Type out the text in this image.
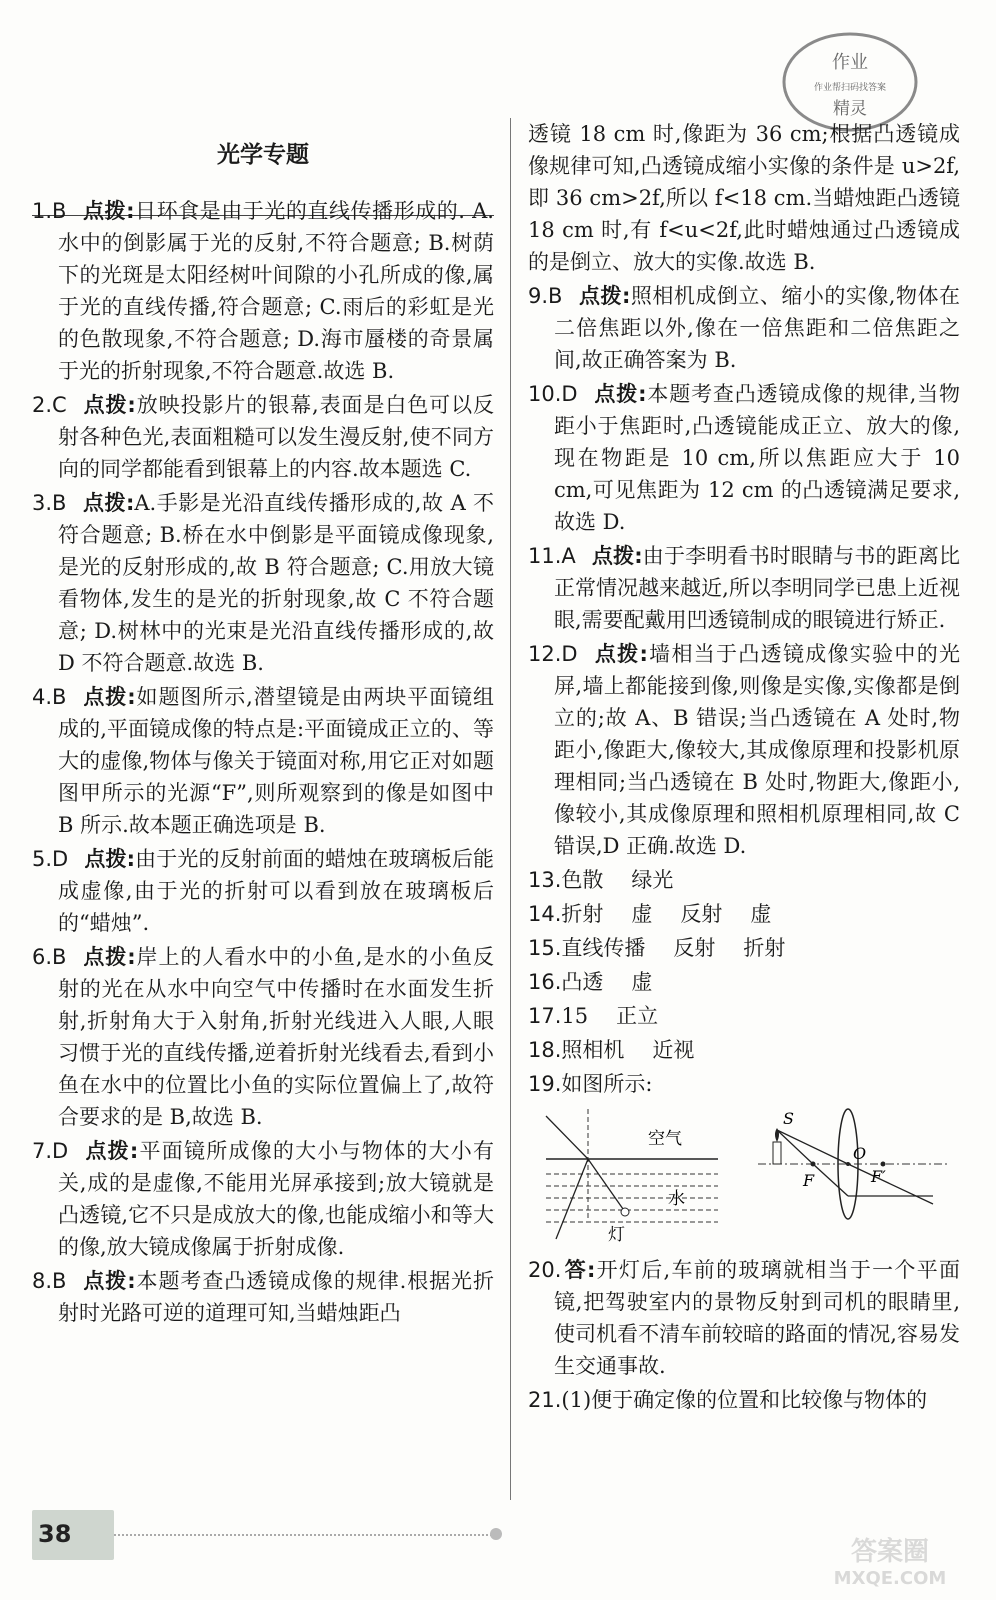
作业
作业帮扫码找答案
精灵
光学专题
1.B 点拨:日环食是由于光的直线传播形成的. A.水中的倒影属于光的反射,不符合题意; B.树荫下的光斑是太阳经树叶间隙的小孔所成的像,属于光的直线传播,符合题意; C.雨后的彩虹是光的色散现象,不符合题意; D.海市蜃楼的奇景属于光的折射现象,不符合题意.故选 B.
2.C 点拨:放映投影片的银幕,表面是白色可以反射各种色光,表面粗糙可以发生漫反射,使不同方向的同学都能看到银幕上的内容.故本题选 C.
3.B 点拨:A.手影是光沿直线传播形成的,故 A 不符合题意; B.桥在水中倒影是平面镜成像现象,是光的反射形成的,故 B 符合题意; C.用放大镜看物体,发生的是光的折射现象,故 C 不符合题意; D.树林中的光束是光沿直线传播形成的,故 D 不符合题意.故选 B.
4.B 点拨:如题图所示,潜望镜是由两块平面镜组成的,平面镜成像的特点是:平面镜成正立的、等大的虚像,物体与像关于镜面对称,用它正对如题图甲所示的光源“F”,则所观察到的像是如图中 B 所示.故本题正确选项是 B.
5.D 点拨:由于光的反射前面的蜡烛在玻璃板后能成虚像,由于光的折射可以看到放在玻璃板后的“蜡烛”.
6.B 点拨:岸上的人看水中的小鱼,是水的小鱼反射的光在从水中向空气中传播时在水面发生折射,折射角大于入射角,折射光线进入人眼,人眼习惯于光的直线传播,逆着折射光线看去,看到小鱼在水中的位置比小鱼的实际位置偏上了,故符合要求的是 B,故选 B.
7.D 点拨:平面镜所成像的大小与物体的大小有关,成的是虚像,不能用光屏承接到;放大镜就是凸透镜,它不只是成放大的像,也能成缩小和等大的像,放大镜成像属于折射成像.
8.B 点拨:本题考查凸透镜成像的规律.根据光折射时光路可逆的道理可知,当蜡烛距凸
透镜 18 cm 时,像距为 36 cm;根据凸透镜成像规律可知,凸透镜成缩小实像的条件是 u>2f,即 36 cm>2f,所以 f<18 cm.当蜡烛距凸透镜 18 cm 时,有 f<u<2f,此时蜡烛通过凸透镜成的是倒立、放大的实像.故选 B.
9.B 点拨:照相机成倒立、缩小的实像,物体在二倍焦距以外,像在一倍焦距和二倍焦距之间,故正确答案为 B.
10.D 点拨:本题考查凸透镜成像的规律,当物距小于焦距时,凸透镜能成正立、放大的像,现在物距是 10 cm,所以焦距应大于 10 cm,可见焦距为 12 cm 的凸透镜满足要求,故选 D.
11.A 点拨:由于李明看书时眼睛与书的距离比正常情况越来越近,所以李明同学已患上近视眼,需要配戴用凹透镜制成的眼镜进行矫正.
12.D 点拨:墙相当于凸透镜成像实验中的光屏,墙上都能接到像,则像是实像,实像都是倒立的;故 A、B 错误;当凸透镜在 A 处时,物距小,像距大,像较大,其成像原理和投影机原理相同;当凸透镜在 B 处时,物距大,像距小,像较小,其成像原理和照相机原理相同,故 C 错误,D 正确.故选 D.
13.色散 绿光
14.折射 虚 反射 虚
15.直线传播 反射 折射
16.凸透 虚
17.15 正立
18.照相机 近视
19.如图所示:
空气
水
灯
S
O
F	F′
20.答:开灯后,车前的玻璃就相当于一个平面镜,把驾驶室内的景物反射到司机的眼睛里,使司机看不清车前较暗的路面的情况,容易发生交通事故.
21.(1)便于确定像的位置和比较像与物体的
38
答案圈
MXQE.COM
